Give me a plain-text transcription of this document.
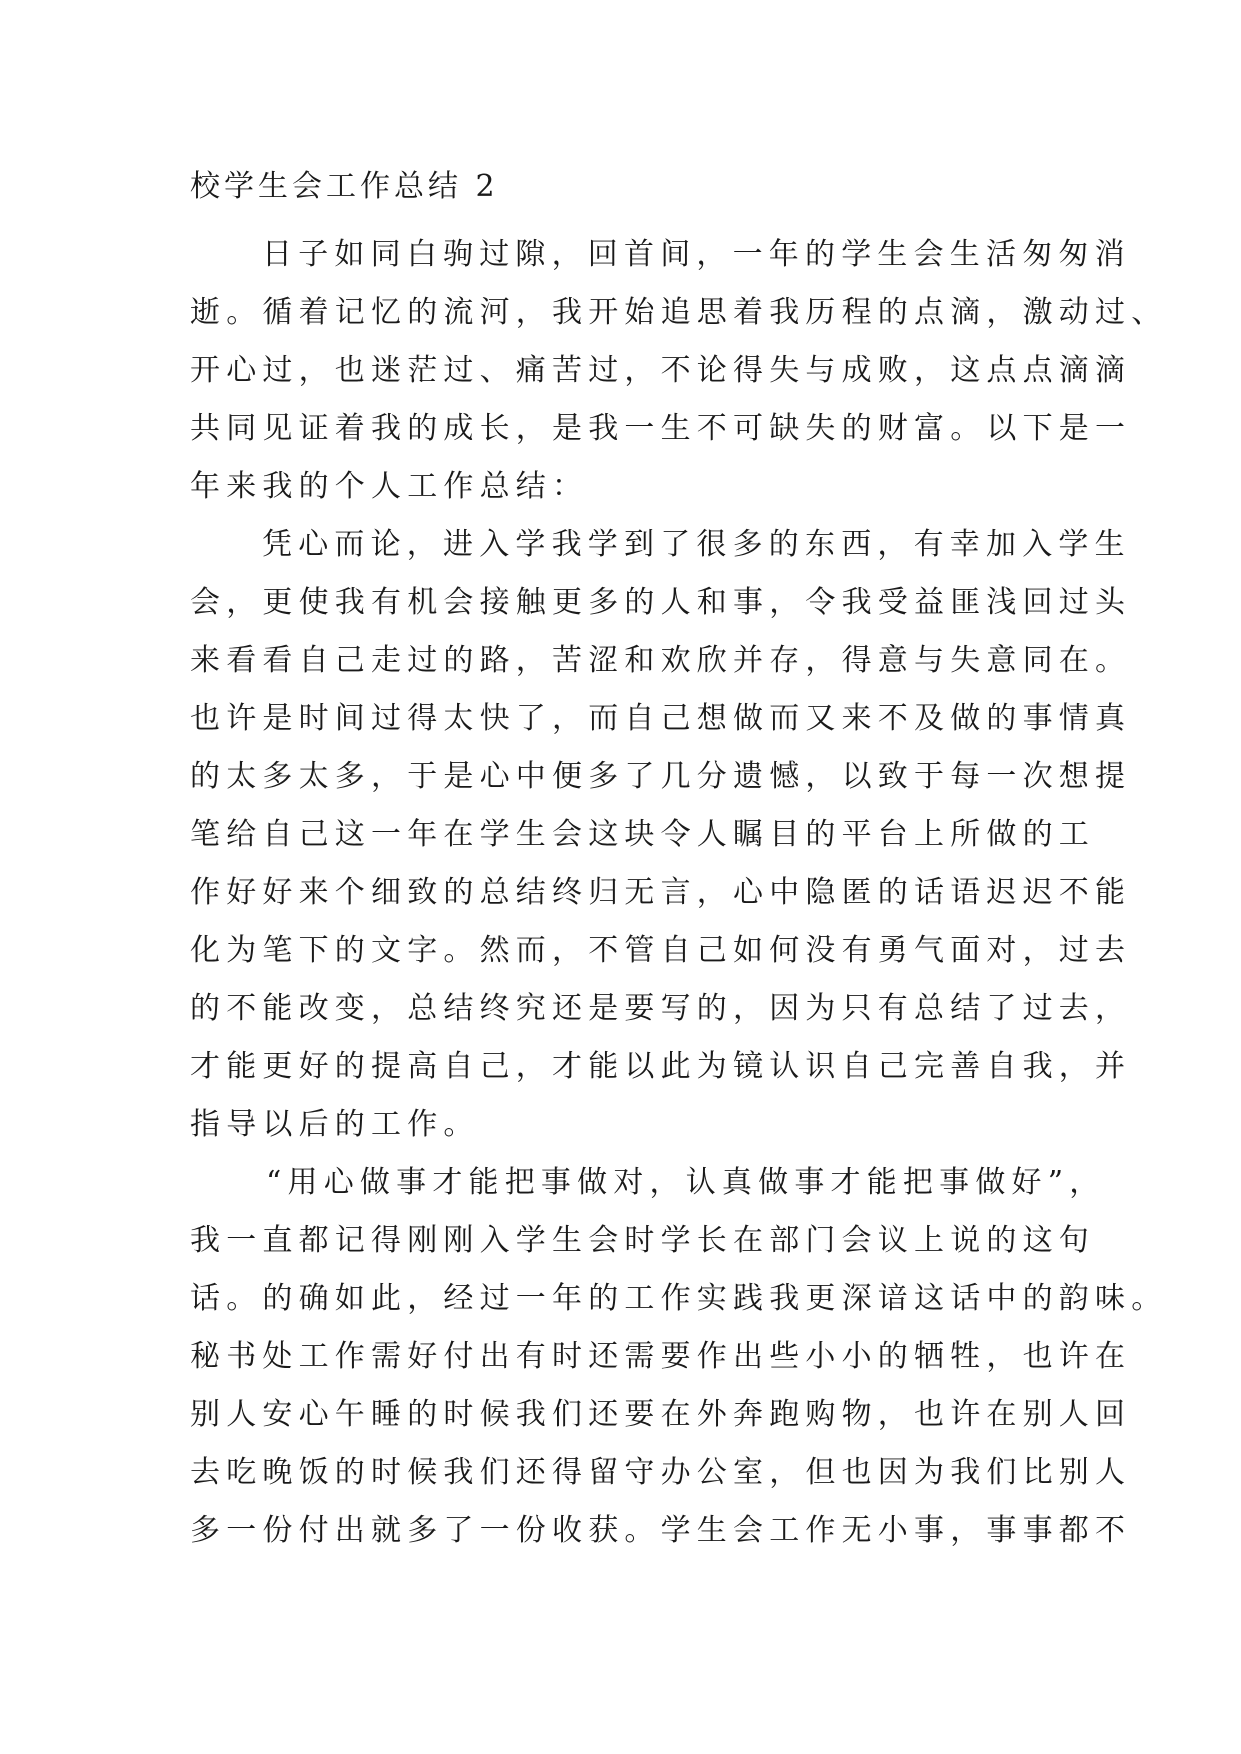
校学生会工作总结 2
日子如同白驹过隙，回首间，一年的学生会生活匆匆消
逝。循着记忆的流河，我开始追思着我历程的点滴，激动过、
开心过，也迷茫过、痛苦过，不论得失与成败，这点点滴滴
共同见证着我的成长，是我一生不可缺失的财富。以下是一
年来我的个人工作总结：
凭心而论，进入学我学到了很多的东西，有幸加入学生
会，更使我有机会接触更多的人和事，令我受益匪浅回过头
来看看自己走过的路，苦涩和欢欣并存，得意与失意同在。
也许是时间过得太快了，而自己想做而又来不及做的事情真
的太多太多，于是心中便多了几分遗憾，以致于每一次想提
笔给自己这一年在学生会这块令人瞩目的平台上所做的工
作好好来个细致的总结终归无言，心中隐匿的话语迟迟不能
化为笔下的文字。然而，不管自己如何没有勇气面对，过去
的不能改变，总结终究还是要写的，因为只有总结了过去，
才能更好的提高自己，才能以此为镜认识自己完善自我，并
指导以后的工作。
“用心做事才能把事做对，认真做事才能把事做好”，
我一直都记得刚刚入学生会时学长在部门会议上说的这句
话。的确如此，经过一年的工作实践我更深谙这话中的韵味。
秘书处工作需好付出有时还需要作出些小小的牺牲，也许在
别人安心午睡的时候我们还要在外奔跑购物，也许在别人回
去吃晚饭的时候我们还得留守办公室，但也因为我们比别人
多一份付出就多了一份收获。学生会工作无小事，事事都不
